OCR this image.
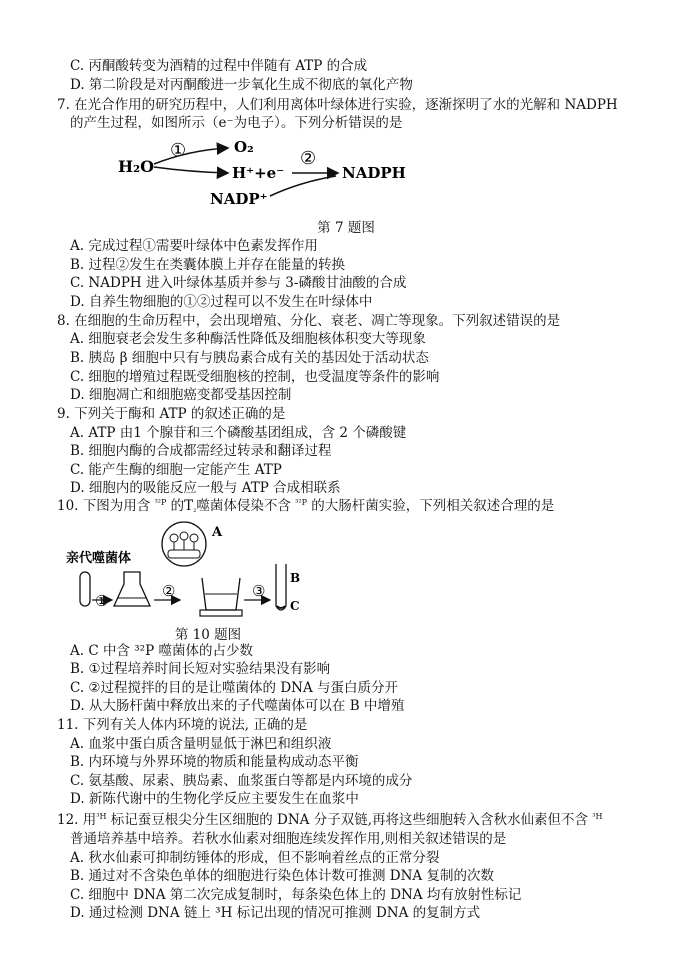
C. 丙酮酸转变为酒精的过程中伴随有 ATP 的合成
D. 第二阶段是对丙酮酸进一步氧化生成不彻底的氧化产物
7. 在光合作用的研究历程中，人们利用离体叶绿体进行实验，逐渐探明了水的光解和 NADPH
的产生过程，如图所示（e⁻为电子）。下列分析错误的是
A. 完成过程①需要叶绿体中色素发挥作用
B. 过程②发生在类囊体膜上并存在能量的转换
C. NADPH 进入叶绿体基质并参与 3-磷酸甘油酸的合成
D. 自养生物细胞的①②过程可以不发生在叶绿体中
8. 在细胞的生命历程中，会出现增殖、分化、衰老、凋亡等现象。下列叙述错误的是
A. 细胞衰老会发生多种酶活性降低及细胞核体积变大等现象
B. 胰岛 β 细胞中只有与胰岛素合成有关的基因处于活动状态
C. 细胞的增殖过程既受细胞核的控制，也受温度等条件的影响
D. 细胞凋亡和细胞癌变都受基因控制
9. 下列关于酶和 ATP 的叙述正确的是
A. ATP 由1 个腺苷和三个磷酸基团组成，含 2 个磷酸键
B. 细胞内酶的合成都需经过转录和翻译过程
C. 能产生酶的细胞一定能产生 ATP
D. 细胞内的吸能反应一般与 ATP 合成相联系
A. C 中含 ³²P 噬菌体的占少数
B. ①过程培养时间长短对实验结果没有影响
C. ②过程搅拌的目的是让噬菌体的 DNA 与蛋白质分开
D. 从大肠杆菌中释放出来的子代噬菌体可以在 B 中增殖
11. 下列有关人体内环境的说法, 正确的是
A. 血浆中蛋白质含量明显低于淋巴和组织液
B. 内环境与外界环境的物质和能量构成动态平衡
C. 氨基酸、尿素、胰岛素、血浆蛋白等都是内环境的成分
D. 新陈代谢中的生物化学反应主要发生在血浆中
普通培养基中培养。若秋水仙素对细胞连续发挥作用,则相关叙述错误的是
A. 秋水仙素可抑制纺锤体的形成，但不影响着丝点的正常分裂
B. 通过对不含染色单体的细胞进行染色体计数可推测 DNA 复制的次数
C. 细胞中 DNA 第二次完成复制时，每条染色体上的 DNA 均有放射性标记
D. 通过检测 DNA 链上 ³H 标记出现的情况可推测 DNA 的复制方式
10. 下图为用含 $^{^{32}P}$ 的$T_{_2}$噬菌体侵染不含 $^{^{32}P}$ 的大肠杆菌实验，下列相关叙述合理的是
12. 用$^{^3H}$ 标记蚕豆根尖分生区细胞的 DNA 分子双链,再将这些细胞转入含秋水仙素但不含 $^{^3H}$
H₂O
①	O₂
H⁺+e⁻
②
NADPH
NADP⁺
第 7 题图
亲代噬菌体
①
②
A
③
B
C
第 10 题图
